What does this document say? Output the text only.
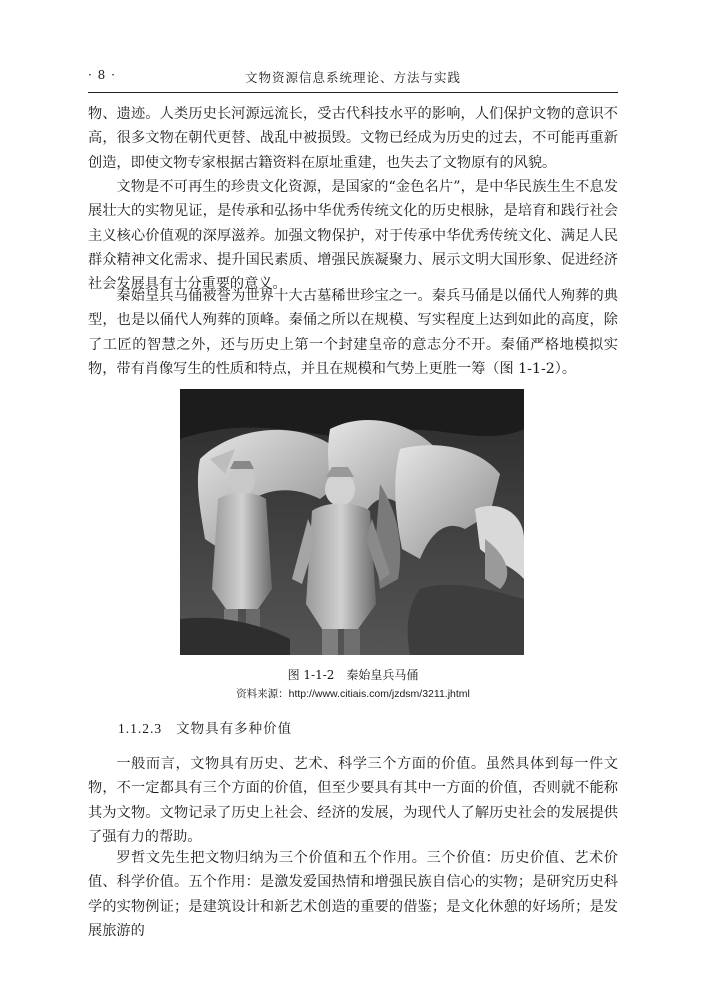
· 8 ·	文物资源信息系统理论、方法与实践

物、遗迹。人类历史长河源远流长，受古代科技水平的影响，人们保护文物的意识不高，很多文物在朝代更替、战乱中被损毁。文物已经成为历史的过去，不可能再重新创造，即使文物专家根据古籍资料在原址重建，也失去了文物原有的风貌。

文物是不可再生的珍贵文化资源，是国家的“金色名片”，是中华民族生生不息发展壮大的实物见证，是传承和弘扬中华优秀传统文化的历史根脉，是培育和践行社会主义核心价值观的深厚滋养。加强文物保护，对于传承中华优秀传统文化、满足人民群众精神文化需求、提升国民素质、增强民族凝聚力、展示文明大国形象、促进经济社会发展具有十分重要的意义。

秦始皇兵马俑被誉为世界十大古墓稀世珍宝之一。秦兵马俑是以俑代人殉葬的典型，也是以俑代人殉葬的顶峰。秦俑之所以在规模、写实程度上达到如此的高度，除了工匠的智慧之外，还与历史上第一个封建皇帝的意志分不开。秦俑严格地模拟实物，带有肖像写生的性质和特点，并且在规模和气势上更胜一筹（图 1-1-2）。

图 1-1-2　秦始皇兵马俑
资料来源：http://www.citiais.com/jzdsm/3211.jhtml
1.1.2.3 文物具有多种价值

一般而言，文物具有历史、艺术、科学三个方面的价值。虽然具体到每一件文物，不一定都具有三个方面的价值，但至少要具有其中一方面的价值，否则就不能称其为文物。文物记录了历史上社会、经济的发展，为现代人了解历史社会的发展提供了强有力的帮助。

罗哲文先生把文物归纳为三个价值和五个作用。三个价值：历史价值、艺术价值、科学价值。五个作用：是激发爱国热情和增强民族自信心的实物；是研究历史科学的实物例证；是建筑设计和新艺术创造的重要的借鉴；是文化休憩的好场所；是发展旅游的
